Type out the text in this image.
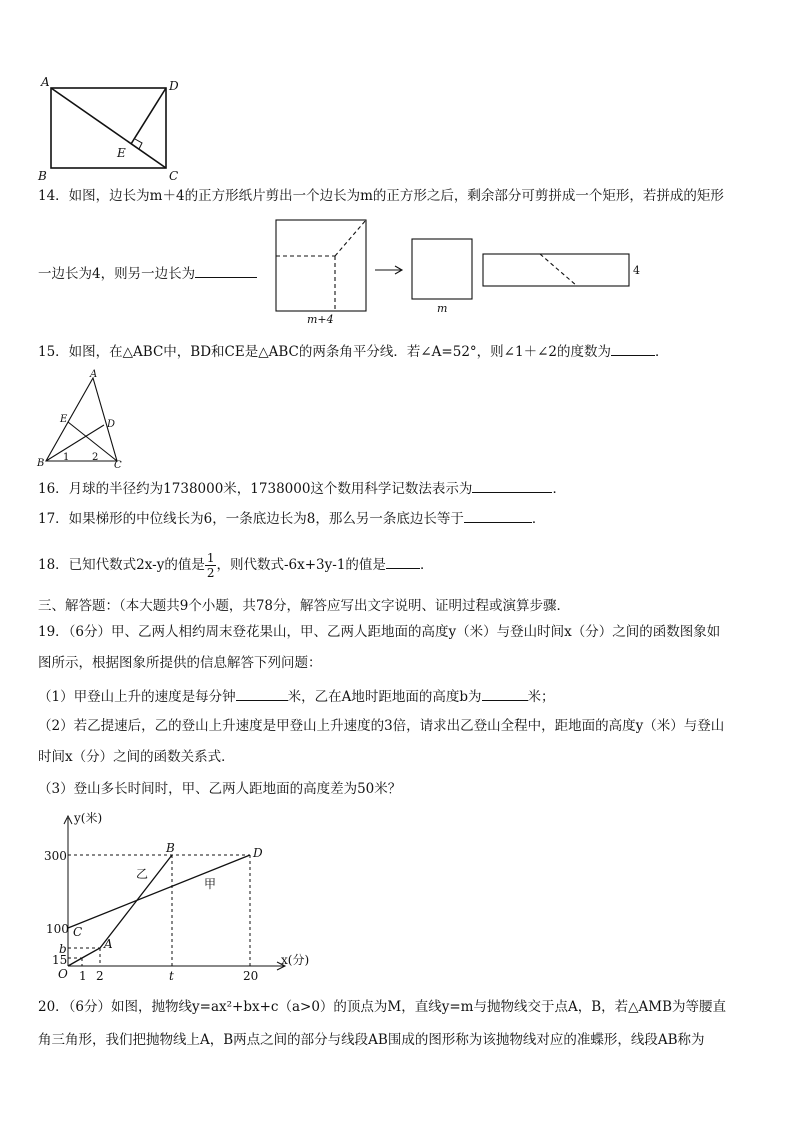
A	D
B	C
E
14．如图，边长为m＋4的正方形纸片剪出一个边长为m的正方形之后，剩余部分可剪拼成一个矩形，若拼成的矩形
一边长为4，则另一边长为
m+4
m
4
15．如图，在△ABC中，BD和CE是△ABC的两条角平分线．若∠A=52°，则∠1＋∠2的度数为	．
A
E	D
B	C
1 2
16．月球的半径约为1738000米，1738000这个数用科学记数法表示为	．
17．如果梯形的中位线长为6，一条底边长为8，那么另一条底边长等于	．
18．已知代数式2x-y的值是 $\frac{1}{2}$ ，则代数式-6x+3y-1的值是	．
三、解答题：（本大题共9个小题，共78分，解答应写出文字说明、证明过程或演算步骤．
19．（6分）甲、乙两人相约周末登花果山，甲、乙两人距地面的高度y（米）与登山时间x（分）之间的函数图象如
图所示，根据图象所提供的信息解答下列问题：
（1）甲登山上升的速度是每分钟	米，乙在A地时距地面的高度b为	米；
（2）若乙提速后，乙的登山上升速度是甲登山上升速度的3倍，请求出乙登山全程中，距地面的高度y（米）与登山
时间x（分）之间的函数关系式．
（3）登山多长时间时，甲、乙两人距地面的高度差为50米？
y(米)
x(分)
300
100
b
15
O 1 2	t	20
A
B
C
D
甲
乙
20．（6分）如图，抛物线y=ax²+bx+c（a>0）的顶点为M，直线y=m与抛物线交于点A，B，若△AMB为等腰直
角三角形，我们把抛物线上A，B两点之间的部分与线段AB围成的图形称为该抛物线对应的准蝶形，线段AB称为
